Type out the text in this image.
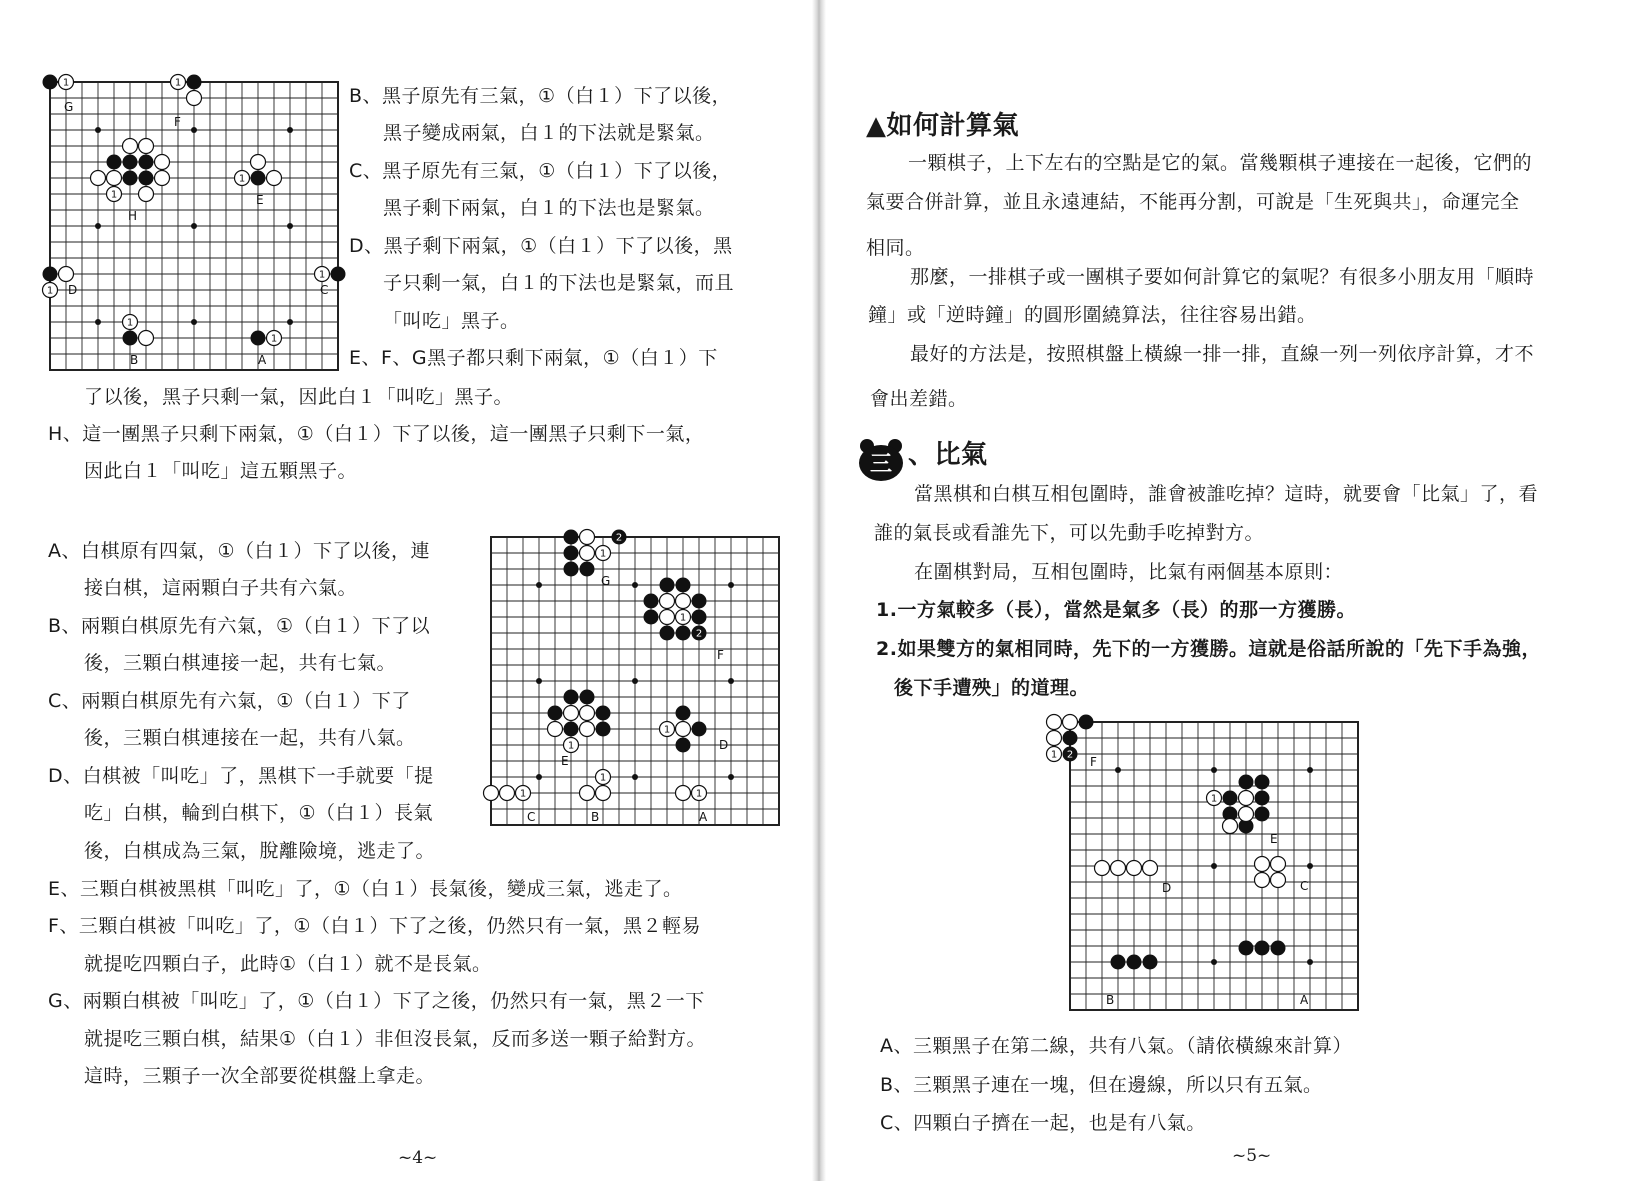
1	1
1
1
1
1
1
1
G
F
H
E
D	C
B	A
B、黑子原先有三氣，①（白１）下了以後，
黑子變成兩氣，白１的下法就是緊氣。
C、黑子原先有三氣，①（白１）下了以後，
黑子剩下兩氣，白１的下法也是緊氣。
D、黑子剩下兩氣，①（白１）下了以後，黑
子只剩一氣，白１的下法也是緊氣，而且
「叫吃」黑子。
E、F、G黑子都只剩下兩氣，①（白１）下
了以後，黑子只剩一氣，因此白１「叫吃」黑子。
H、這一團黑子只剩下兩氣，①（白１）下了以後，這一團黑子只剩下一氣，
因此白１「叫吃」這五顆黑子。
A、白棋原有四氣，①（白１）下了以後，連
接白棋，這兩顆白子共有六氣。
B、兩顆白棋原先有六氣，①（白１）下了以
後，三顆白棋連接一起，共有七氣。
C、兩顆白棋原先有六氣，①（白１）下了
後，三顆白棋連接在一起，共有八氣。
D、白棋被「叫吃」了，黑棋下一手就要「提
吃」白棋，輪到白棋下，①（白１）長氣
後，白棋成為三氣，脫離險境，逃走了。
E、三顆白棋被黑棋「叫吃」了，①（白１）長氣後，變成三氣，逃走了。
F、三顆白棋被「叫吃」了，①（白１）下了之後，仍然只有一氣，黑２輕易
就提吃四顆白子，此時①（白１）就不是長氣。
G、兩顆白棋被「叫吃」了，①（白１）下了之後，仍然只有一氣，黑２一下
就提吃三顆白棋，結果①（白１）非但沒長氣，反而多送一顆子給對方。
這時，三顆子一次全部要從棋盤上拿走。
1
1
1
1
1
1
1
2
2
G
F
E
D
C	B	A
~4~
▲如何計算氣
一顆棋子，上下左右的空點是它的氣。當幾顆棋子連接在一起後，它們的
氣要合併計算，並且永遠連結，不能再分割，可說是「生死與共」，命運完全
相同。
那麼，一排棋子或一團棋子要如何計算它的氣呢？有很多小朋友用「順時
鐘」或「逆時鐘」的圓形圍繞算法，往往容易出錯。
最好的方法是，按照棋盤上橫線一排一排，直線一列一列依序計算，才不
會出差錯。
三 、比氣
當黑棋和白棋互相包圍時，誰會被誰吃掉？這時，就要會「比氣」了，看
誰的氣長或看誰先下，可以先動手吃掉對方。
在圍棋對局，互相包圍時，比氣有兩個基本原則：
1.一方氣較多（長），當然是氣多（長）的那一方獲勝。
2.如果雙方的氣相同時，先下的一方獲勝。這就是俗話所說的「先下手為強，
後下手遭殃」的道理。
1
1
2 F
E
D	C
B	A
A、三顆黑子在第二線，共有八氣。（請依橫線來計算）
B、三顆黑子連在一塊，但在邊線，所以只有五氣。
C、四顆白子擠在一起，也是有八氣。
~5~
